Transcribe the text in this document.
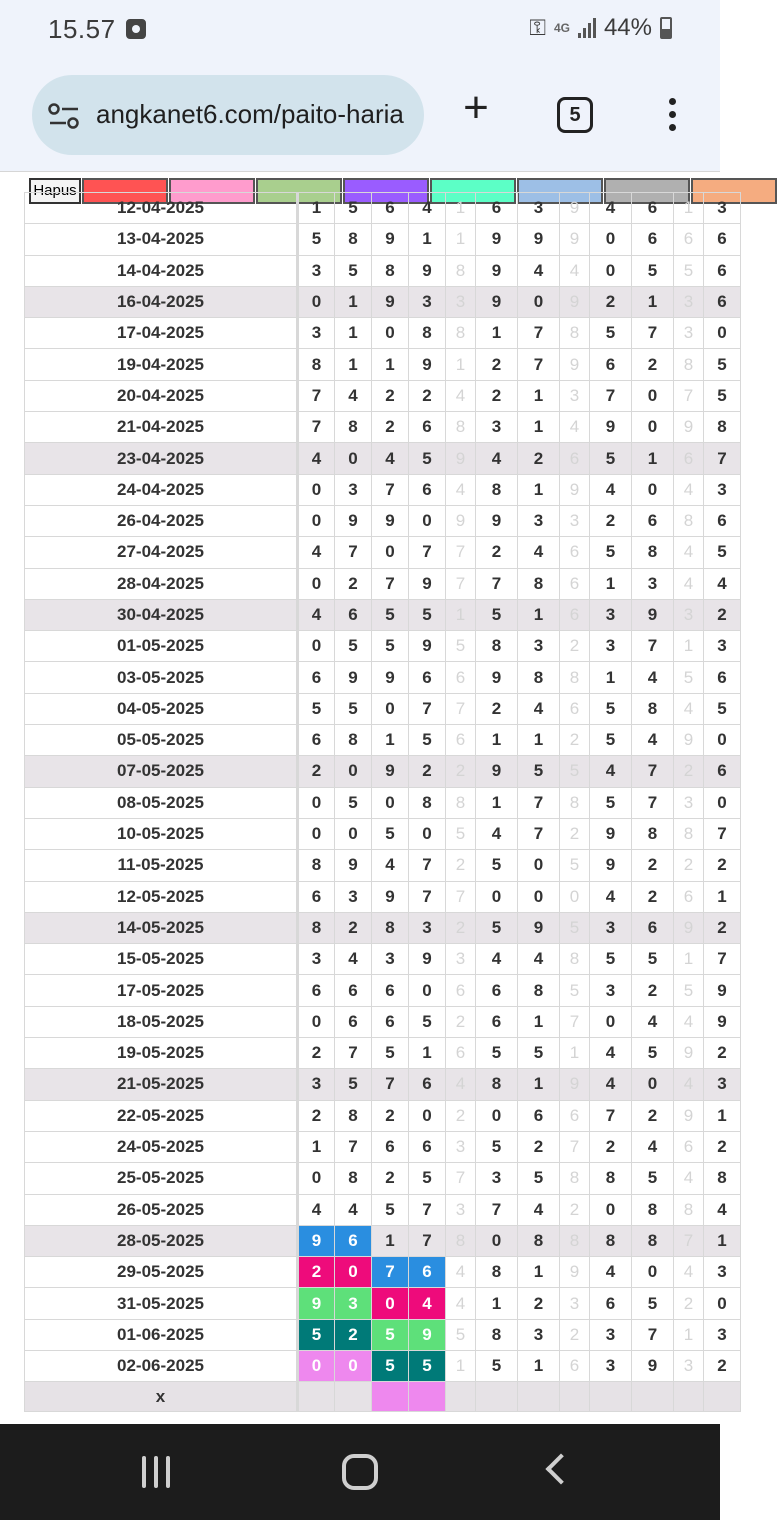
15.57	⚿ 4G 44%
angkanet6.com/paito-haria +	5
Hapus
12-04-2025	1	5	6	4	1	6	3	9	4	6	1	3
13-04-2025	5	8	9	1	1	9	9	9	0	6	6	6
14-04-2025	3	5	8	9	8	9	4	4	0	5	5	6
16-04-2025	0	1	9	3	3	9	0	9	2	1	3	6
17-04-2025	3	1	0	8	8	1	7	8	5	7	3	0
19-04-2025	8	1	1	9	1	2	7	9	6	2	8	5
20-04-2025	7	4	2	2	4	2	1	3	7	0	7	5
21-04-2025	7	8	2	6	8	3	1	4	9	0	9	8
23-04-2025	4	0	4	5	9	4	2	6	5	1	6	7
24-04-2025	0	3	7	6	4	8	1	9	4	0	4	3
26-04-2025	0	9	9	0	9	9	3	3	2	6	8	6
27-04-2025	4	7	0	7	7	2	4	6	5	8	4	5
28-04-2025	0	2	7	9	7	7	8	6	1	3	4	4
30-04-2025	4	6	5	5	1	5	1	6	3	9	3	2
01-05-2025	0	5	5	9	5	8	3	2	3	7	1	3
03-05-2025	6	9	9	6	6	9	8	8	1	4	5	6
04-05-2025	5	5	0	7	7	2	4	6	5	8	4	5
05-05-2025	6	8	1	5	6	1	1	2	5	4	9	0
07-05-2025	2	0	9	2	2	9	5	5	4	7	2	6
08-05-2025	0	5	0	8	8	1	7	8	5	7	3	0
10-05-2025	0	0	5	0	5	4	7	2	9	8	8	7
11-05-2025	8	9	4	7	2	5	0	5	9	2	2	2
12-05-2025	6	3	9	7	7	0	0	0	4	2	6	1
14-05-2025	8	2	8	3	2	5	9	5	3	6	9	2
15-05-2025	3	4	3	9	3	4	4	8	5	5	1	7
17-05-2025	6	6	6	0	6	6	8	5	3	2	5	9
18-05-2025	0	6	6	5	2	6	1	7	0	4	4	9
19-05-2025	2	7	5	1	6	5	5	1	4	5	9	2
21-05-2025	3	5	7	6	4	8	1	9	4	0	4	3
22-05-2025	2	8	2	0	2	0	6	6	7	2	9	1
24-05-2025	1	7	6	6	3	5	2	7	2	4	6	2
25-05-2025	0	8	2	5	7	3	5	8	8	5	4	8
26-05-2025	4	4	5	7	3	7	4	2	0	8	8	4
28-05-2025	9	6	1	7	8	0	8	8	8	8	7	1
29-05-2025	2	0	7	6	4	8	1	9	4	0	4	3
31-05-2025	9	3	0	4	4	1	2	3	6	5	2	0
01-06-2025	5	2	5	9	5	8	3	2	3	7	1	3
02-06-2025	0	0	5	5	1	5	1	6	3	9	3	2
x												
